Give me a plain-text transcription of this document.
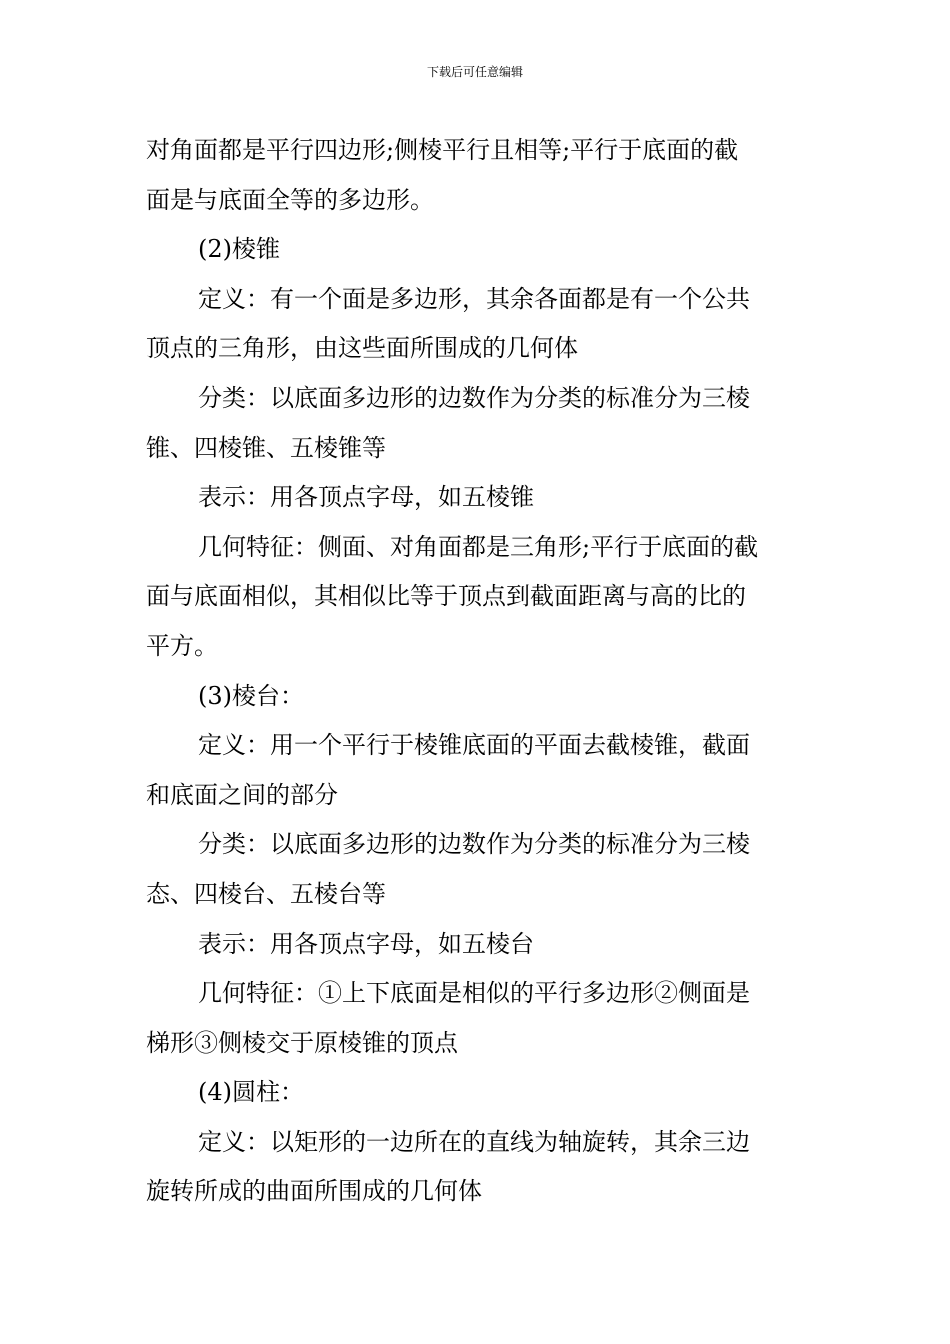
下载后可任意编辑
对角面都是平行四边形;侧棱平行且相等;平行于底面的截
面是与底面全等的多边形。
(2)棱锥
定义：有一个面是多边形，其余各面都是有一个公共
顶点的三角形，由这些面所围成的几何体
分类：以底面多边形的边数作为分类的标准分为三棱
锥、四棱锥、五棱锥等
表示：用各顶点字母，如五棱锥
几何特征：侧面、对角面都是三角形;平行于底面的截
面与底面相似，其相似比等于顶点到截面距离与高的比的
平方。
(3)棱台：
定义：用一个平行于棱锥底面的平面去截棱锥，截面
和底面之间的部分
分类：以底面多边形的边数作为分类的标准分为三棱
态、四棱台、五棱台等
表示：用各顶点字母，如五棱台
几何特征：①上下底面是相似的平行多边形②侧面是
梯形③侧棱交于原棱锥的顶点
(4)圆柱：
定义：以矩形的一边所在的直线为轴旋转，其余三边
旋转所成的曲面所围成的几何体
